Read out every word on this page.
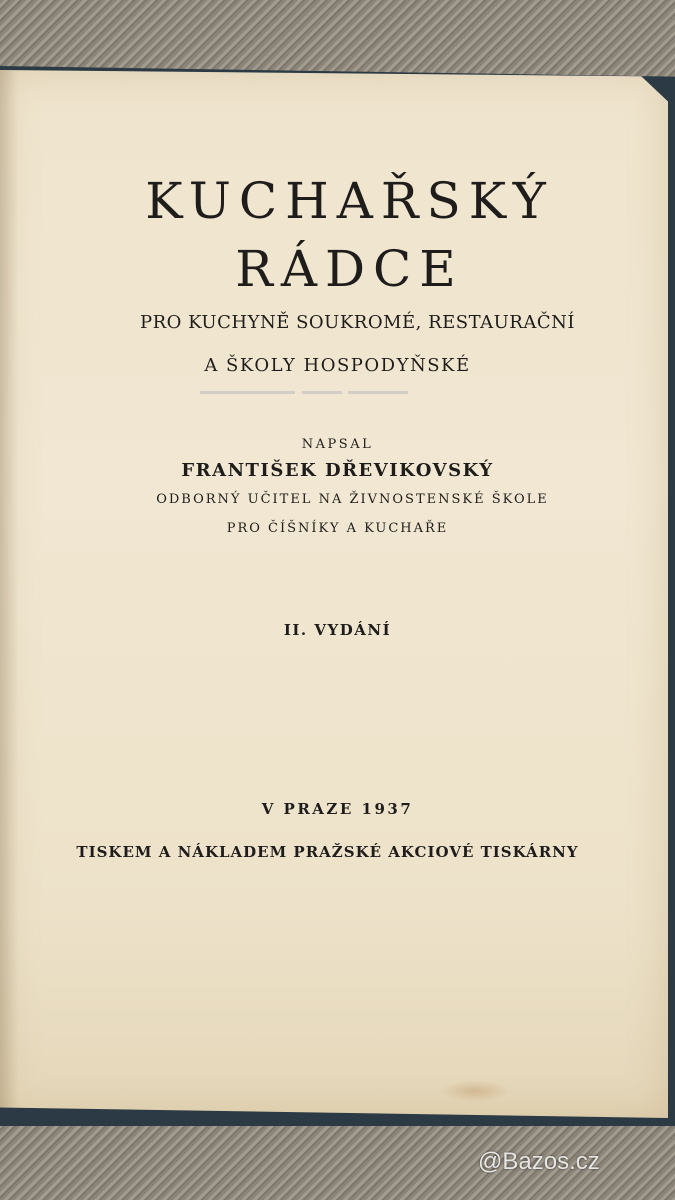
KUCHAŘSKÝ

RÁDCE

PRO KUCHYNĚ SOUKROMÉ, RESTAURAČNÍ

A ŠKOLY HOSPODYŇSKÉ

NAPSAL

FRANTIŠEK DŘEVIKOVSKÝ

ODBORNÝ UČITEL NA ŽIVNOSTENSKÉ ŠKOLE

PRO ČÍŠNÍKY A KUCHAŘE

II. VYDÁNÍ

V PRAZE 1937

TISKEM A NÁKLADEM PRAŽSKÉ AKCIOVÉ TISKÁRNY

@Bazos.cz
